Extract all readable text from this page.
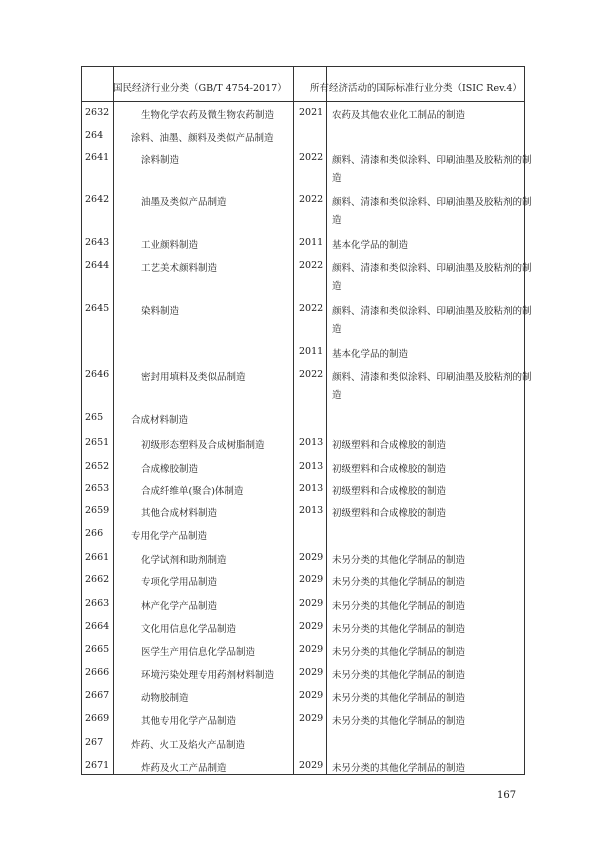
国民经济行业分类（GB/T 4754-2017） 所有经济活动的国际标准行业分类（ISIC Rev.4）
2632	生物化学农药及微生物农药制造	2021 农药及其他农业化工制品的制造
264	涂料、油墨、颜料及类似产品制造
2641	涂料制造	2022 颜料、清漆和类似涂料、印刷油墨及胶粘剂的制
造
2642	油墨及类似产品制造	2022 颜料、清漆和类似涂料、印刷油墨及胶粘剂的制
造
2643	工业颜料制造	2011 基本化学品的制造
2644	工艺美术颜料制造	2022 颜料、清漆和类似涂料、印刷油墨及胶粘剂的制
造
2645	染料制造	2022 颜料、清漆和类似涂料、印刷油墨及胶粘剂的制
造
2011 基本化学品的制造
2646	密封用填料及类似品制造	2022 颜料、清漆和类似涂料、印刷油墨及胶粘剂的制
造
265	合成材料制造
2651	初级形态塑料及合成树脂制造	2013 初级塑料和合成橡胶的制造
2652	合成橡胶制造	2013 初级塑料和合成橡胶的制造
2653	合成纤维单(聚合)体制造	2013 初级塑料和合成橡胶的制造
2659	其他合成材料制造	2013 初级塑料和合成橡胶的制造
266	专用化学产品制造
2661	化学试剂和助剂制造	2029 未另分类的其他化学制品的制造
2662	专项化学用品制造	2029 未另分类的其他化学制品的制造
2663	林产化学产品制造	2029 未另分类的其他化学制品的制造
2664	文化用信息化学品制造	2029 未另分类的其他化学制品的制造
2665	医学生产用信息化学品制造	2029 未另分类的其他化学制品的制造
2666	环境污染处理专用药剂材料制造	2029 未另分类的其他化学制品的制造
2667	动物胶制造	2029 未另分类的其他化学制品的制造
2669	其他专用化学产品制造	2029 未另分类的其他化学制品的制造
267	炸药、火工及焰火产品制造
2671	炸药及火工产品制造	2029 未另分类的其他化学制品的制造
167
